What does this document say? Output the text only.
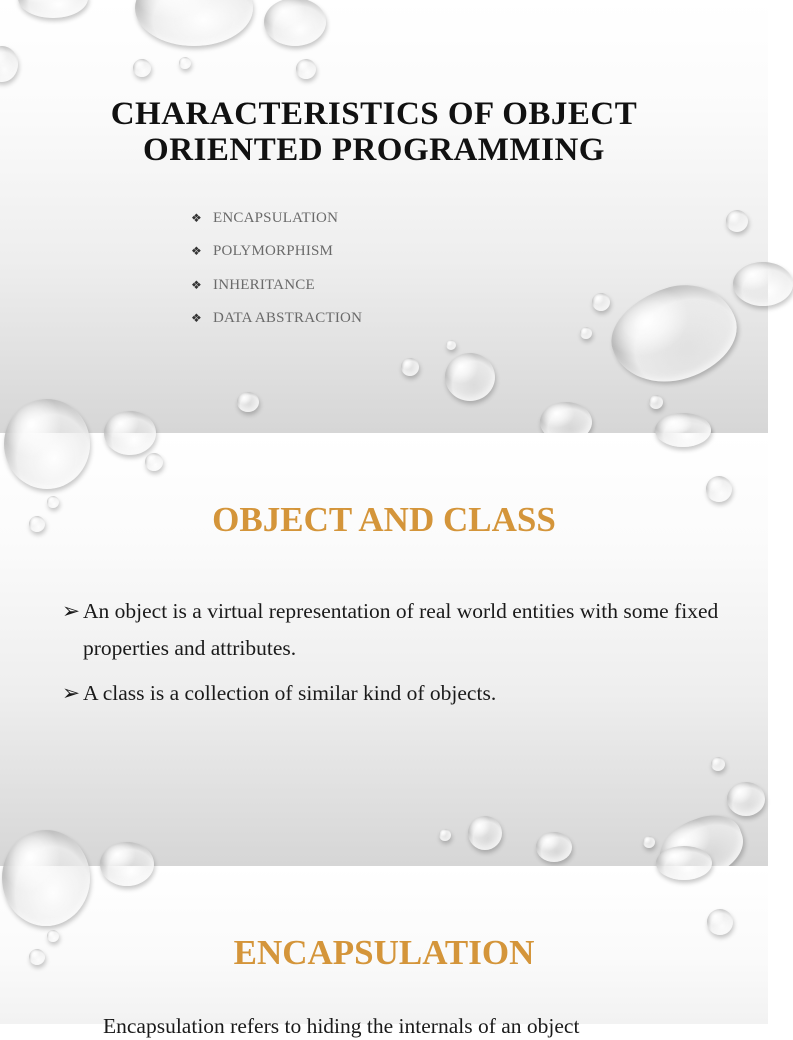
CHARACTERISTICS OF OBJECT
ORIENTED PROGRAMMING
❖ ENCAPSULATION
❖ POLYMORPHISM
❖ INHERITANCE
❖ DATA ABSTRACTION
OBJECT AND CLASS

➢ An object is a virtual representation of real world entities with some fixed properties and attributes.

➢ A class is a collection of similar kind of objects.

ENCAPSULATION
Encapsulation refers to hiding the internals of an object
